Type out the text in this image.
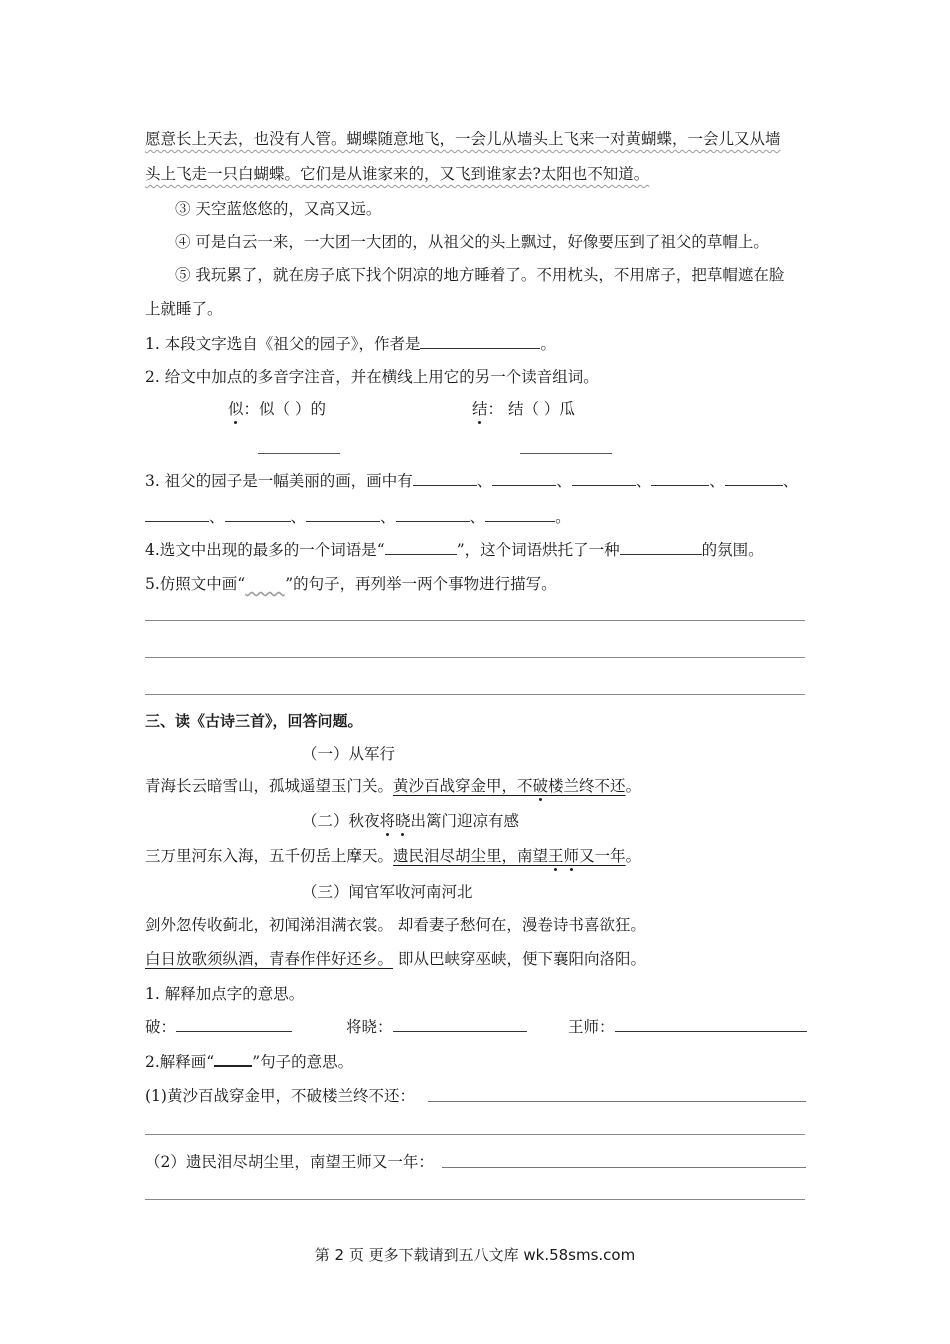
愿意长上天去，也没有人管。蝴蝶随意地飞，一会儿从墙头上飞来一对黄蝴蝶，一会儿又从墙
头上飞走一只白蝴蝶。它们是从谁家来的，又飞到谁家去?太阳也不知道。
③ 天空蓝悠悠的，又高又远。
④ 可是白云一来，一大团一大团的，从祖父的头上飘过，好像要压到了祖父的草帽上。
⑤ 我玩累了，就在房子底下找个阴凉的地方睡着了。不用枕头，不用席子，把草帽遮在脸
上就睡了。
1. 本段文字选自《祖父的园子》，作者是	。
2. 给文中加点的多音字注音，并在横线上用它的另一个读音组词。
似：似（ ）的	结： 结（ ）瓜
3. 祖父的园子是一幅美丽的画，画中有	、	、	、	、	、
、	、	、	、	。
4.选文中出现的最多的一个词语是“	”，这个词语烘托了一种	的氛围。
5.仿照文中画“​        ”的句子，再列举一两个事物进行描写。
三、读《古诗三首》，回答问题。
（一）从军行
青海长云暗雪山，孤城遥望玉门关。黄沙百战穿金甲，不破楼兰终不还。
（二）秋夜将晓出篱门迎凉有感
三万里河东入海，五千仞岳上摩天。遗民泪尽胡尘里，南望王师又一年。
（三）闻官军收河南河北
剑外忽传收蓟北，初闻涕泪满衣裳。 却看妻子愁何在，漫卷诗书喜欲狂。
白日放歌须纵酒，青春作伴好还乡。 即从巴峡穿巫峡，便下襄阳向洛阳。
1. 解释加点字的意思。
破：	将晓：	王师：
2.解释画“ ”句子的意思。
(1)黄沙百战穿金甲，不破楼兰终不还：
（2）遗民泪尽胡尘里，南望王师又一年：
第 2 页 更多下载请到五八文库 wk.58sms.com
